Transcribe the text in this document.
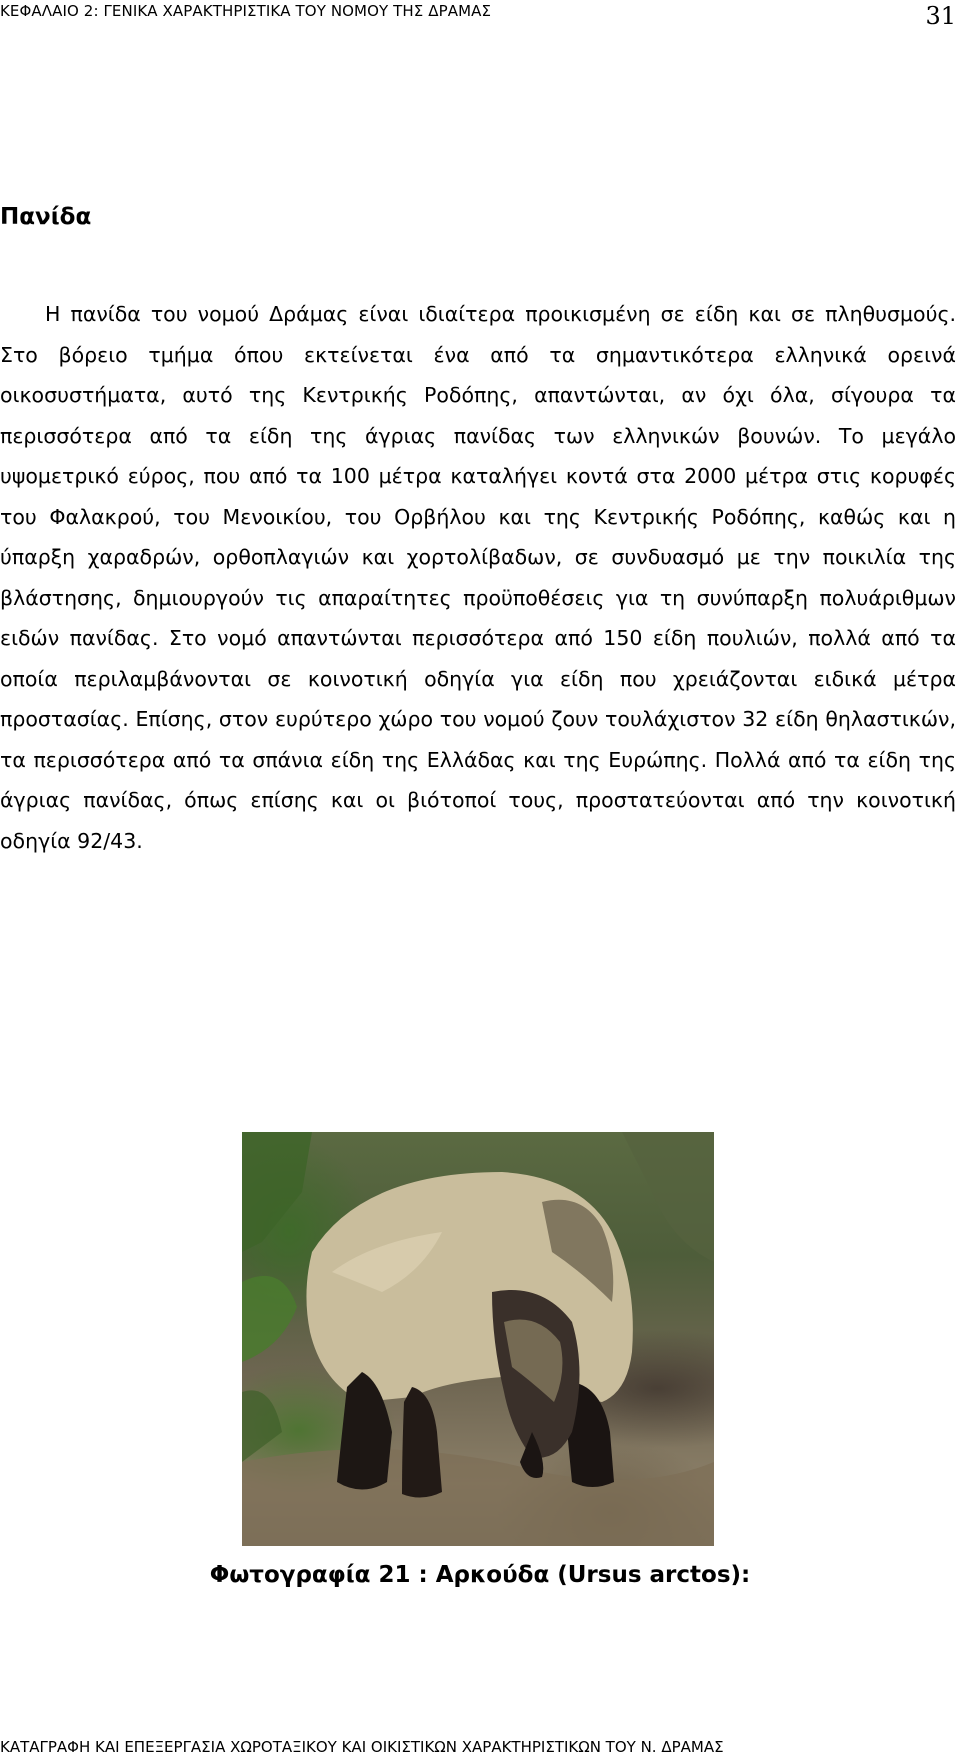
ΚΕΦΑΛΑΙΟ 2: ΓΕΝΙΚΑ ΧΑΡΑΚΤΗΡΙΣΤΙΚΑ ΤΟΥ ΝΟΜΟΥ ΤΗΣ ΔΡΑΜΑΣ	31
Πανίδα

Η πανίδα του νομού Δράμας είναι ιδιαίτερα προικισμένη σε είδη και σε πληθυσμούς. Στο βόρειο τμήμα όπου εκτείνεται ένα από τα σημαντικότερα ελληνικά ορεινά οικοσυστήματα, αυτό της Κεντρικής Ροδόπης, απαντώνται, αν όχι όλα, σίγουρα τα περισσότερα από τα είδη της άγριας πανίδας των ελληνικών βουνών. Το μεγάλο υψομετρικό εύρος, που από τα 100 μέτρα καταλήγει κοντά στα 2000 μέτρα στις κορυφές του Φαλακρού, του Μενοικίου, του Ορβήλου και της Κεντρικής Ροδόπης, καθώς και η ύπαρξη χαραδρών, ορθοπλαγιών και χορτολίβαδων, σε συνδυασμό με την ποικιλία της βλάστησης, δημιουργούν τις απαραίτητες προϋποθέσεις για τη συνύπαρξη πολυάριθμων ειδών πανίδας. Στο νομό απαντώνται περισσότερα από 150 είδη πουλιών, πολλά από τα οποία περιλαμβάνονται σε κοινοτική οδηγία για είδη που χρειάζονται ειδικά μέτρα προστασίας. Επίσης, στον ευρύτερο χώρο του νομού ζουν τουλάχιστον 32 είδη θηλαστικών, τα περισσότερα από τα σπάνια είδη της Ελλάδας και της Ευρώπης. Πολλά από τα είδη της άγριας πανίδας, όπως επίσης και οι βιότοποί τους, προστατεύονται από την κοινοτική οδηγία 92/43.

Φωτογραφία 21 : Αρκούδα (Ursus arctos):

ΚΑΤΑΓΡΑΦΗ ΚΑΙ ΕΠΕΞΕΡΓΑΣΙΑ ΧΩΡΟΤΑΞΙΚΟΥ ΚΑΙ ΟΙΚΙΣΤΙΚΩΝ ΧΑΡΑΚΤΗΡΙΣΤΙΚΩΝ ΤΟΥ Ν. ΔΡΑΜΑΣ
